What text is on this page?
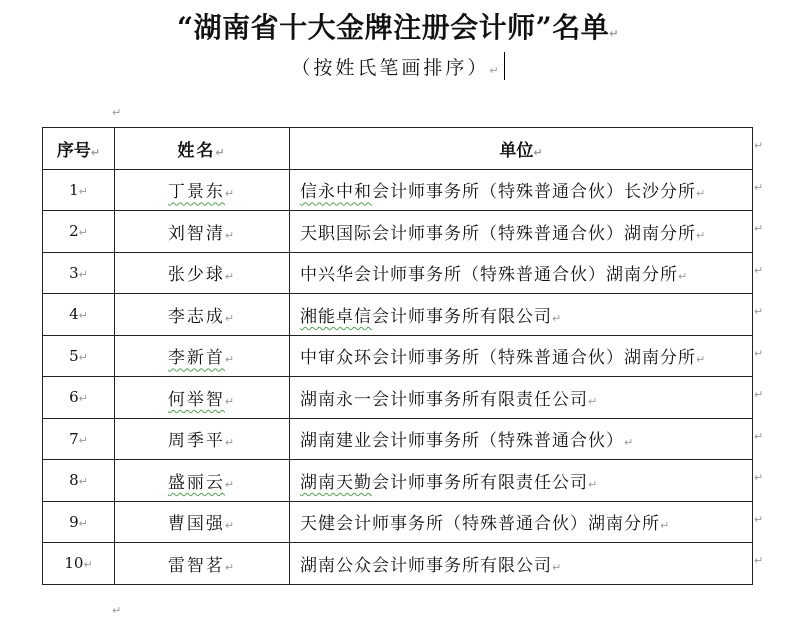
“湖南省十大金牌注册会计师”名单↵
（按姓氏笔画排序）↵
↵
序号↵	姓名↵	单位↵
1↵	丁景东↵	信永中和会计师事务所（特殊普通合伙）长沙分所↵
2↵	刘智清↵	天职国际会计师事务所（特殊普通合伙）湖南分所↵
3↵	张少球↵	中兴华会计师事务所（特殊普通合伙）湖南分所↵
4↵	李志成↵	湘能卓信会计师事务所有限公司↵
5↵	李新首↵	中审众环会计师事务所（特殊普通合伙）湖南分所↵
6↵	何举智↵	湖南永一会计师事务所有限责任公司↵
7↵	周季平↵	湖南建业会计师事务所（特殊普通合伙）↵
8↵	盛丽云↵	湖南天勤会计师事务所有限责任公司↵
9↵	曹国强↵	天健会计师事务所（特殊普通合伙）湖南分所↵
10↵	雷智茗↵	湖南公众会计师事务所有限公司↵
↵
↵
↵
↵
↵
↵
↵
↵
↵
↵
↵
↵
